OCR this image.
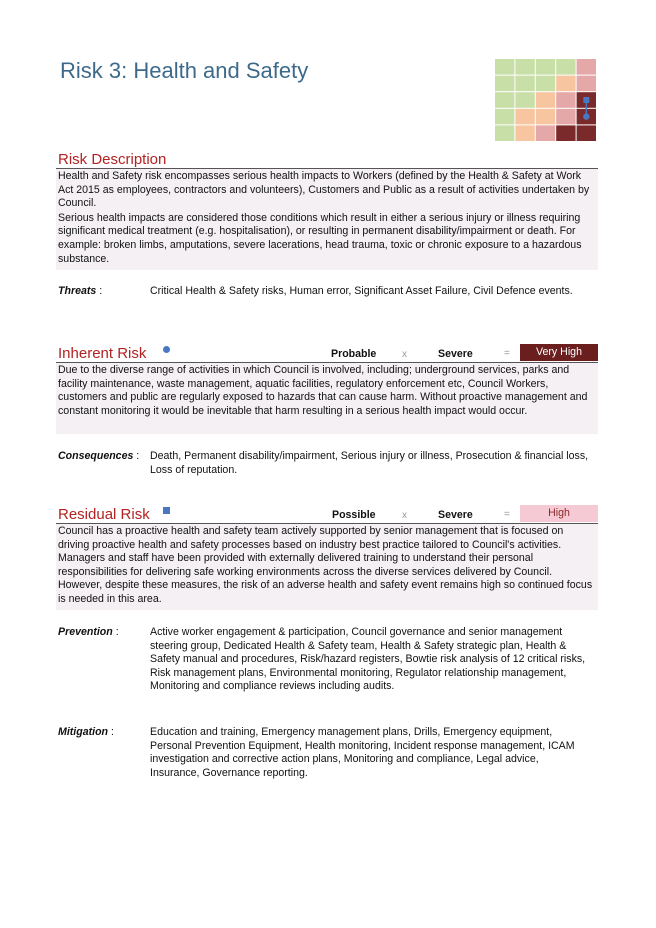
Risk 3: Health and Safety
Risk Description

Health and Safety risk encompasses serious health impacts to Workers (defined by the Health & Safety at Work Act 2015 as employees, contractors and volunteers), Customers and Public as a result of activities undertaken by Council.

Serious health impacts are considered those conditions which result in either a serious injury or illness requiring significant medical treatment (e.g. hospitalisation), or resulting in permanent disability/impairment or death. For example: broken limbs, amputations, severe lacerations, head trauma, toxic or chronic exposure to a hazardous substance.

Threats :	Critical Health & Safety risks, Human error, Significant Asset Failure, Civil Defence events.
Inherent Risk	Probable	x	Severe	=	Very High

Due to the diverse range of activities in which Council is involved, including; underground services, parks and facility maintenance, waste management, aquatic facilities, regulatory enforcement etc, Council Workers, customers and public are regularly exposed to hazards that can cause harm. Without proactive management and constant monitoring it would be inevitable that harm resulting in a serious health impact would occur.

Consequences : Death, Permanent disability/impairment, Serious injury or illness, Prosecution & financial loss, Loss of reputation.
Residual Risk	Possible	x	Severe	=	High

Council has a proactive health and safety team actively supported by senior management that is focused on driving proactive health and safety processes based on industry best practice tailored to Council's activities. Managers and staff have been provided with externally delivered training to understand their personal responsibilities for delivering safe working environments across the diverse services delivered by Council. However, despite these measures, the risk of an adverse health and safety event remains high so continued focus is needed in this area.

Prevention :	Active worker engagement & participation, Council governance and senior management steering group, Dedicated Health & Safety team, Health & Safety strategic plan, Health & Safety manual and procedures, Risk/hazard registers, Bowtie risk analysis of 12 critical risks, Risk management plans, Environmental monitoring, Regulator relationship management, Monitoring and compliance reviews including audits.
Mitigation :	Education and training, Emergency management plans, Drills, Emergency equipment, Personal Prevention Equipment, Health monitoring, Incident response management, ICAM investigation and corrective action plans, Monitoring and compliance, Legal advice, Insurance, Governance reporting.
